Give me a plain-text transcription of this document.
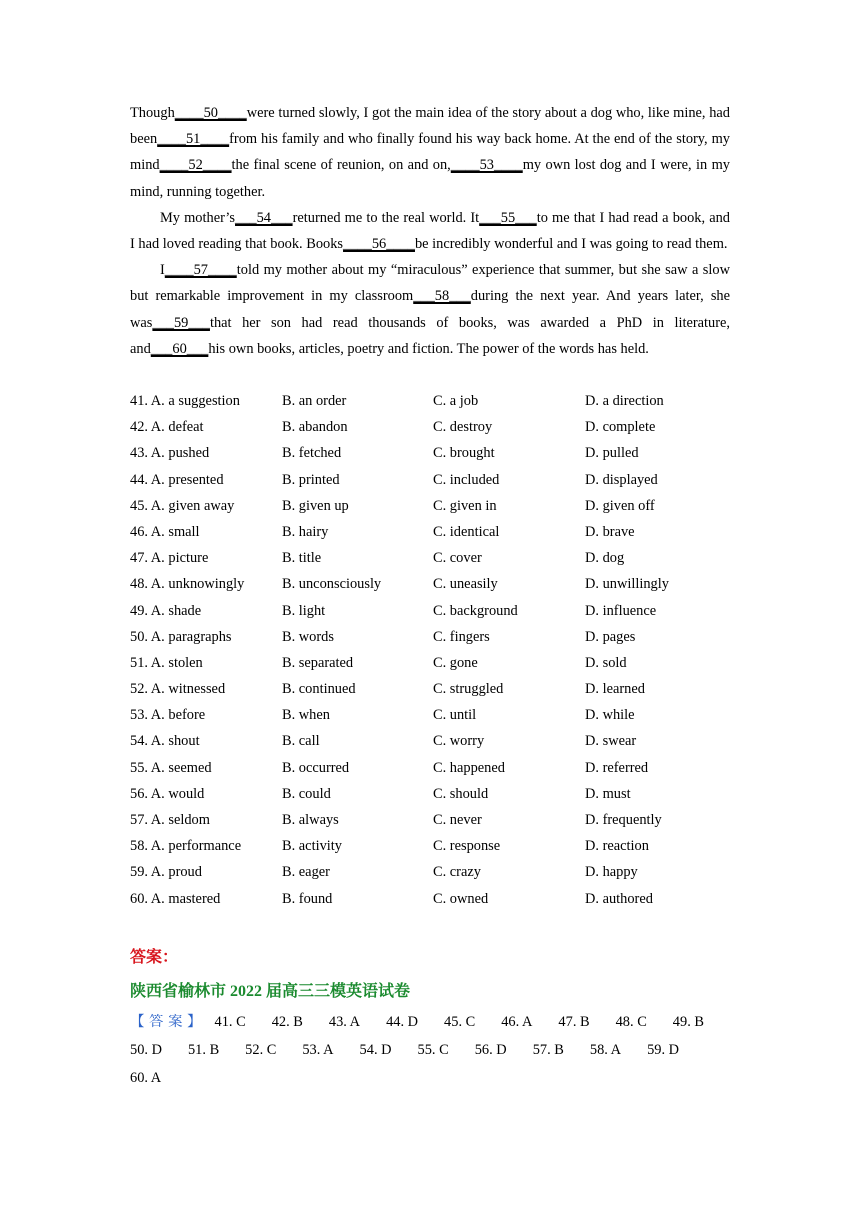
Though____50____were turned slowly, I got the main idea of the story about a dog who, like mine, had been____51____from his family and who finally found his way back home. At the end of the story, my mind____52____the final scene of reunion, on and on,____53____my own lost dog and I were, in my mind, running together.

My mother’s___54___returned me to the real world. It___55___to me that I had read a book, and I had loved reading that book. Books____56____be incredibly wonderful and I was going to read them.

I____57____told my mother about my “miraculous” experience that summer, but she saw a slow but remarkable improvement in my classroom___58___during the next year. And years later, she was___59___that her son had read thousands of books, was awarded a PhD in literature, and___60___his own books, articles, poetry and fiction. The power of the words has held.

41. A. a suggestion	B. an order	C. a job	D. a direction
42. A. defeat	B. abandon	C. destroy	D. complete
43. A. pushed	B. fetched	C. brought	D. pulled
44. A. presented	B. printed	C. included	D. displayed
45. A. given away	B. given up	C. given in	D. given off
46. A. small	B. hairy	C. identical	D. brave
47. A. picture	B. title	C. cover	D. dog
48. A. unknowingly	B. unconsciously	C. uneasily	D. unwillingly
49. A. shade	B. light	C. background	D. influence
50. A. paragraphs	B. words	C. fingers	D. pages
51. A. stolen	B. separated	C. gone	D. sold
52. A. witnessed	B. continued	C. struggled	D. learned
53. A. before	B. when	C. until	D. while
54. A. shout	B. call	C. worry	D. swear
55. A. seemed	B. occurred	C. happened	D. referred
56. A. would	B. could	C. should	D. must
57. A. seldom	B. always	C. never	D. frequently
58. A. performance	B. activity	C. response	D. reaction
59. A. proud	B. eager	C. crazy	D. happy
60. A. mastered	B. found	C. owned	D. authored
答案：
陕西省榆林市 2022 届高三三模英语试卷
【答案】 41. C 42. B 43. A 44. D 45. C 46. A 47. B 48. C 49. B50. D 51. B 52. C 53. A 54. D 55. C 56. D 57. B 58. A 59. D60. A
